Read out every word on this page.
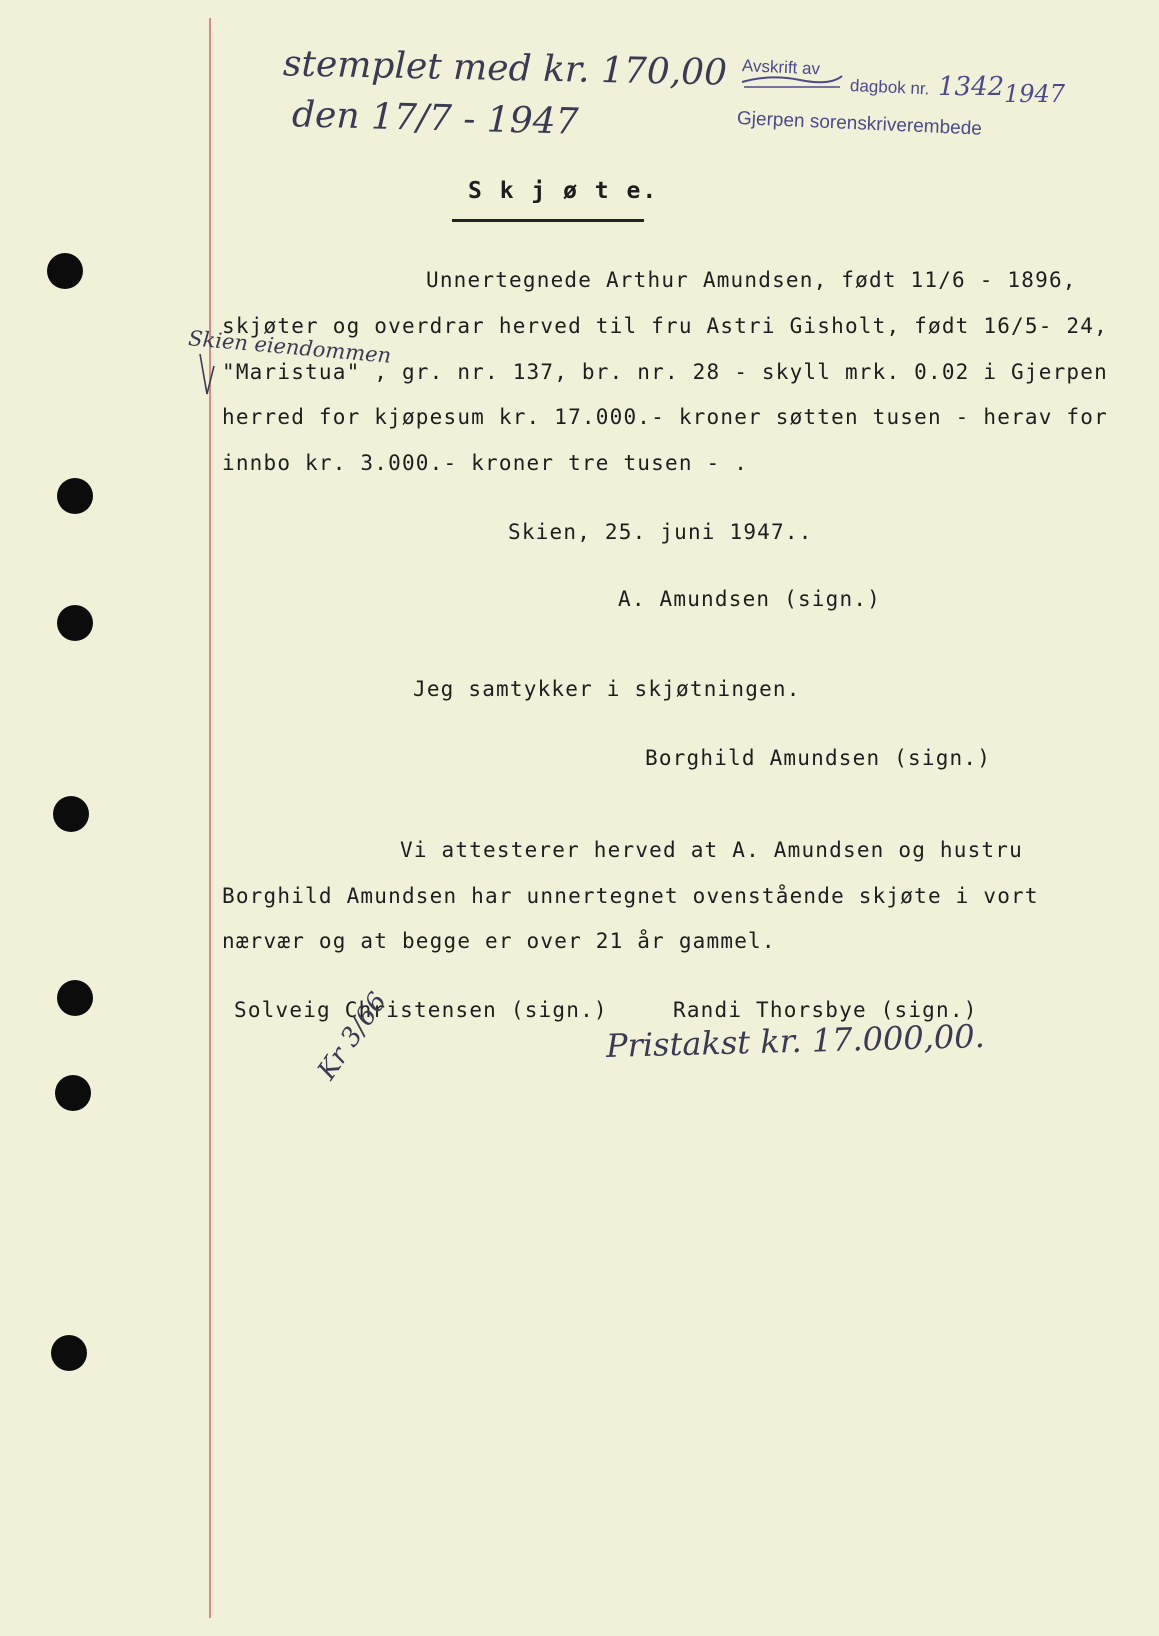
stemplet med kr. 170,00
den 17/7 - 1947
Avskrift av
dagbok nr. 1342 1947
Gjerpen sorenskriverembede
S k j ø t e.
Skien eiendommen
Unnertegnede Arthur Amundsen, født 11/6 - 1896,
skjøter og overdrar herved til fru Astri Gisholt, født 16/5- 24,
"Maristua" , gr. nr. 137, br. nr. 28 - skyll mrk. 0.02 i Gjerpen
herred for kjøpesum kr. 17.000.- kroner søtten tusen - herav for
innbo kr. 3.000.- kroner tre tusen - .
Skien, 25. juni 1947..
A. Amundsen (sign.)
Jeg samtykker i skjøtningen.
Borghild Amundsen (sign.)
Vi attesterer herved at A. Amundsen og hustru
Borghild Amundsen har unnertegnet ovenstående skjøte i vort
nærvær og at begge er over 21 år gammel.
Solveig Christensen (sign.)	Randi Thorsbye (sign.)
Pristakst kr. 17.000,00.
Kr 3/66
